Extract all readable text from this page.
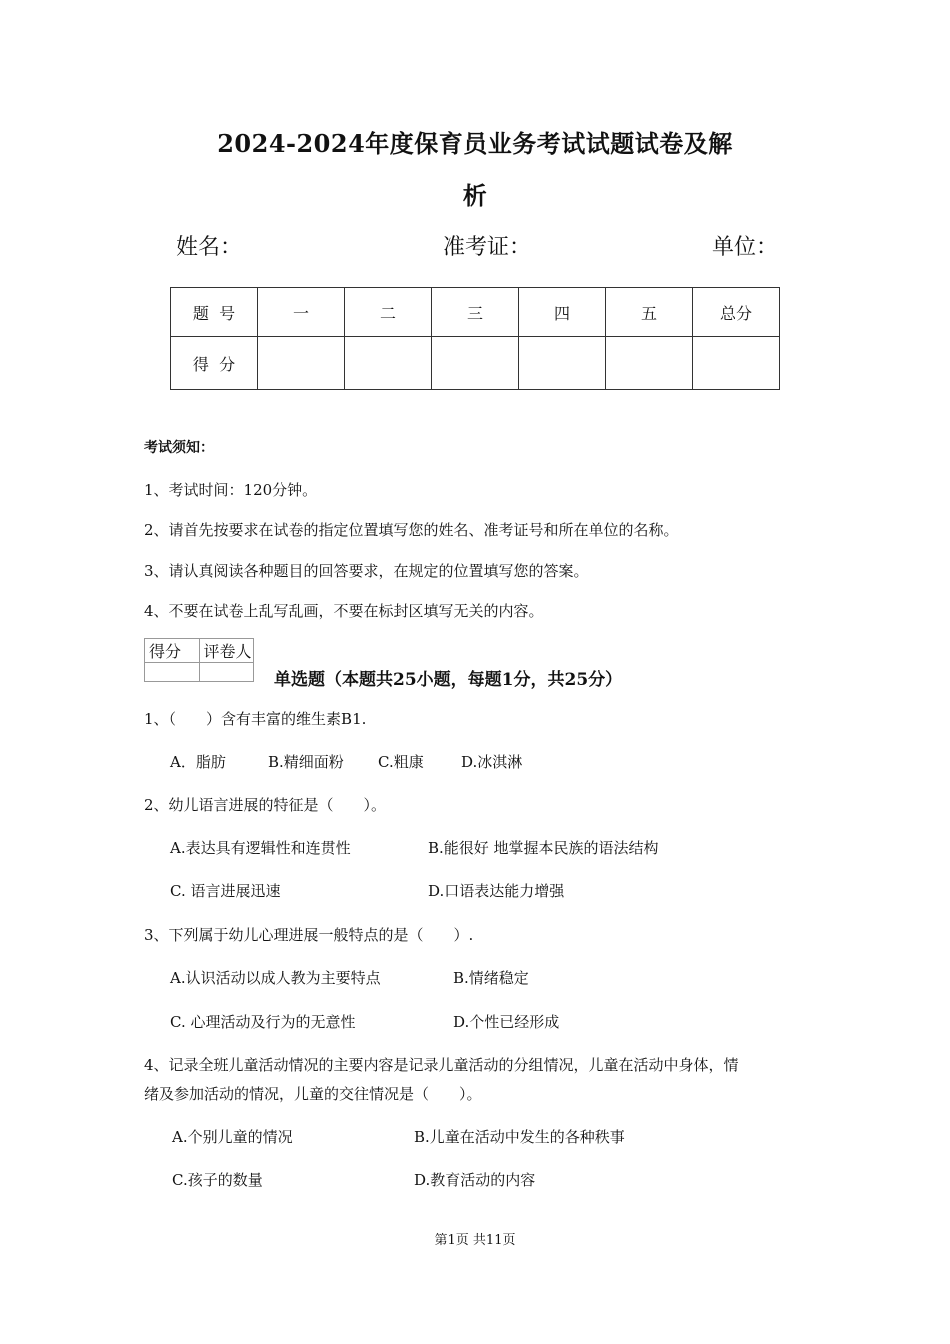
2024-2024年度保育员业务考试试题试卷及解
析
姓名：	准考证：	单位：
题  号	一	二	三	四	五	总分
得  分						
考试须知：
1、考试时间：120分钟。
2、请首先按要求在试卷的指定位置填写您的姓名、准考证号和所在单位的名称。
3、请认真阅读各种题目的回答要求，在规定的位置填写您的答案。
4、不要在试卷上乱写乱画，不要在标封区填写无关的内容。
得分	评卷人

单选题（本题共25小题，每题1分，共25分）
1、（　　）含有丰富的维生素B1.
A．脂肪	B.精细面粉 C.粗康 D.冰淇淋
2、幼儿语言进展的特征是（　　）。
A.表达具有逻辑性和连贯性	B.能很好 地掌握本民族的语法结构
C. 语言进展迅速	D.口语表达能力增强
3、下列属于幼儿心理进展一般特点的是（　　）.
A.认识活动以成人教为主要特点	B.情绪稳定
C. 心理活动及行为的无意性	D.个性已经形成
4、记录全班儿童活动情况的主要内容是记录儿童活动的分组情况，儿童在活动中身体，情
绪及参加活动的情况，儿童的交往情况是（　　）。
A.个别儿童的情况	B.儿童在活动中发生的各种秩事
C.孩子的数量	D.教育活动的内容
第1页 共11页
